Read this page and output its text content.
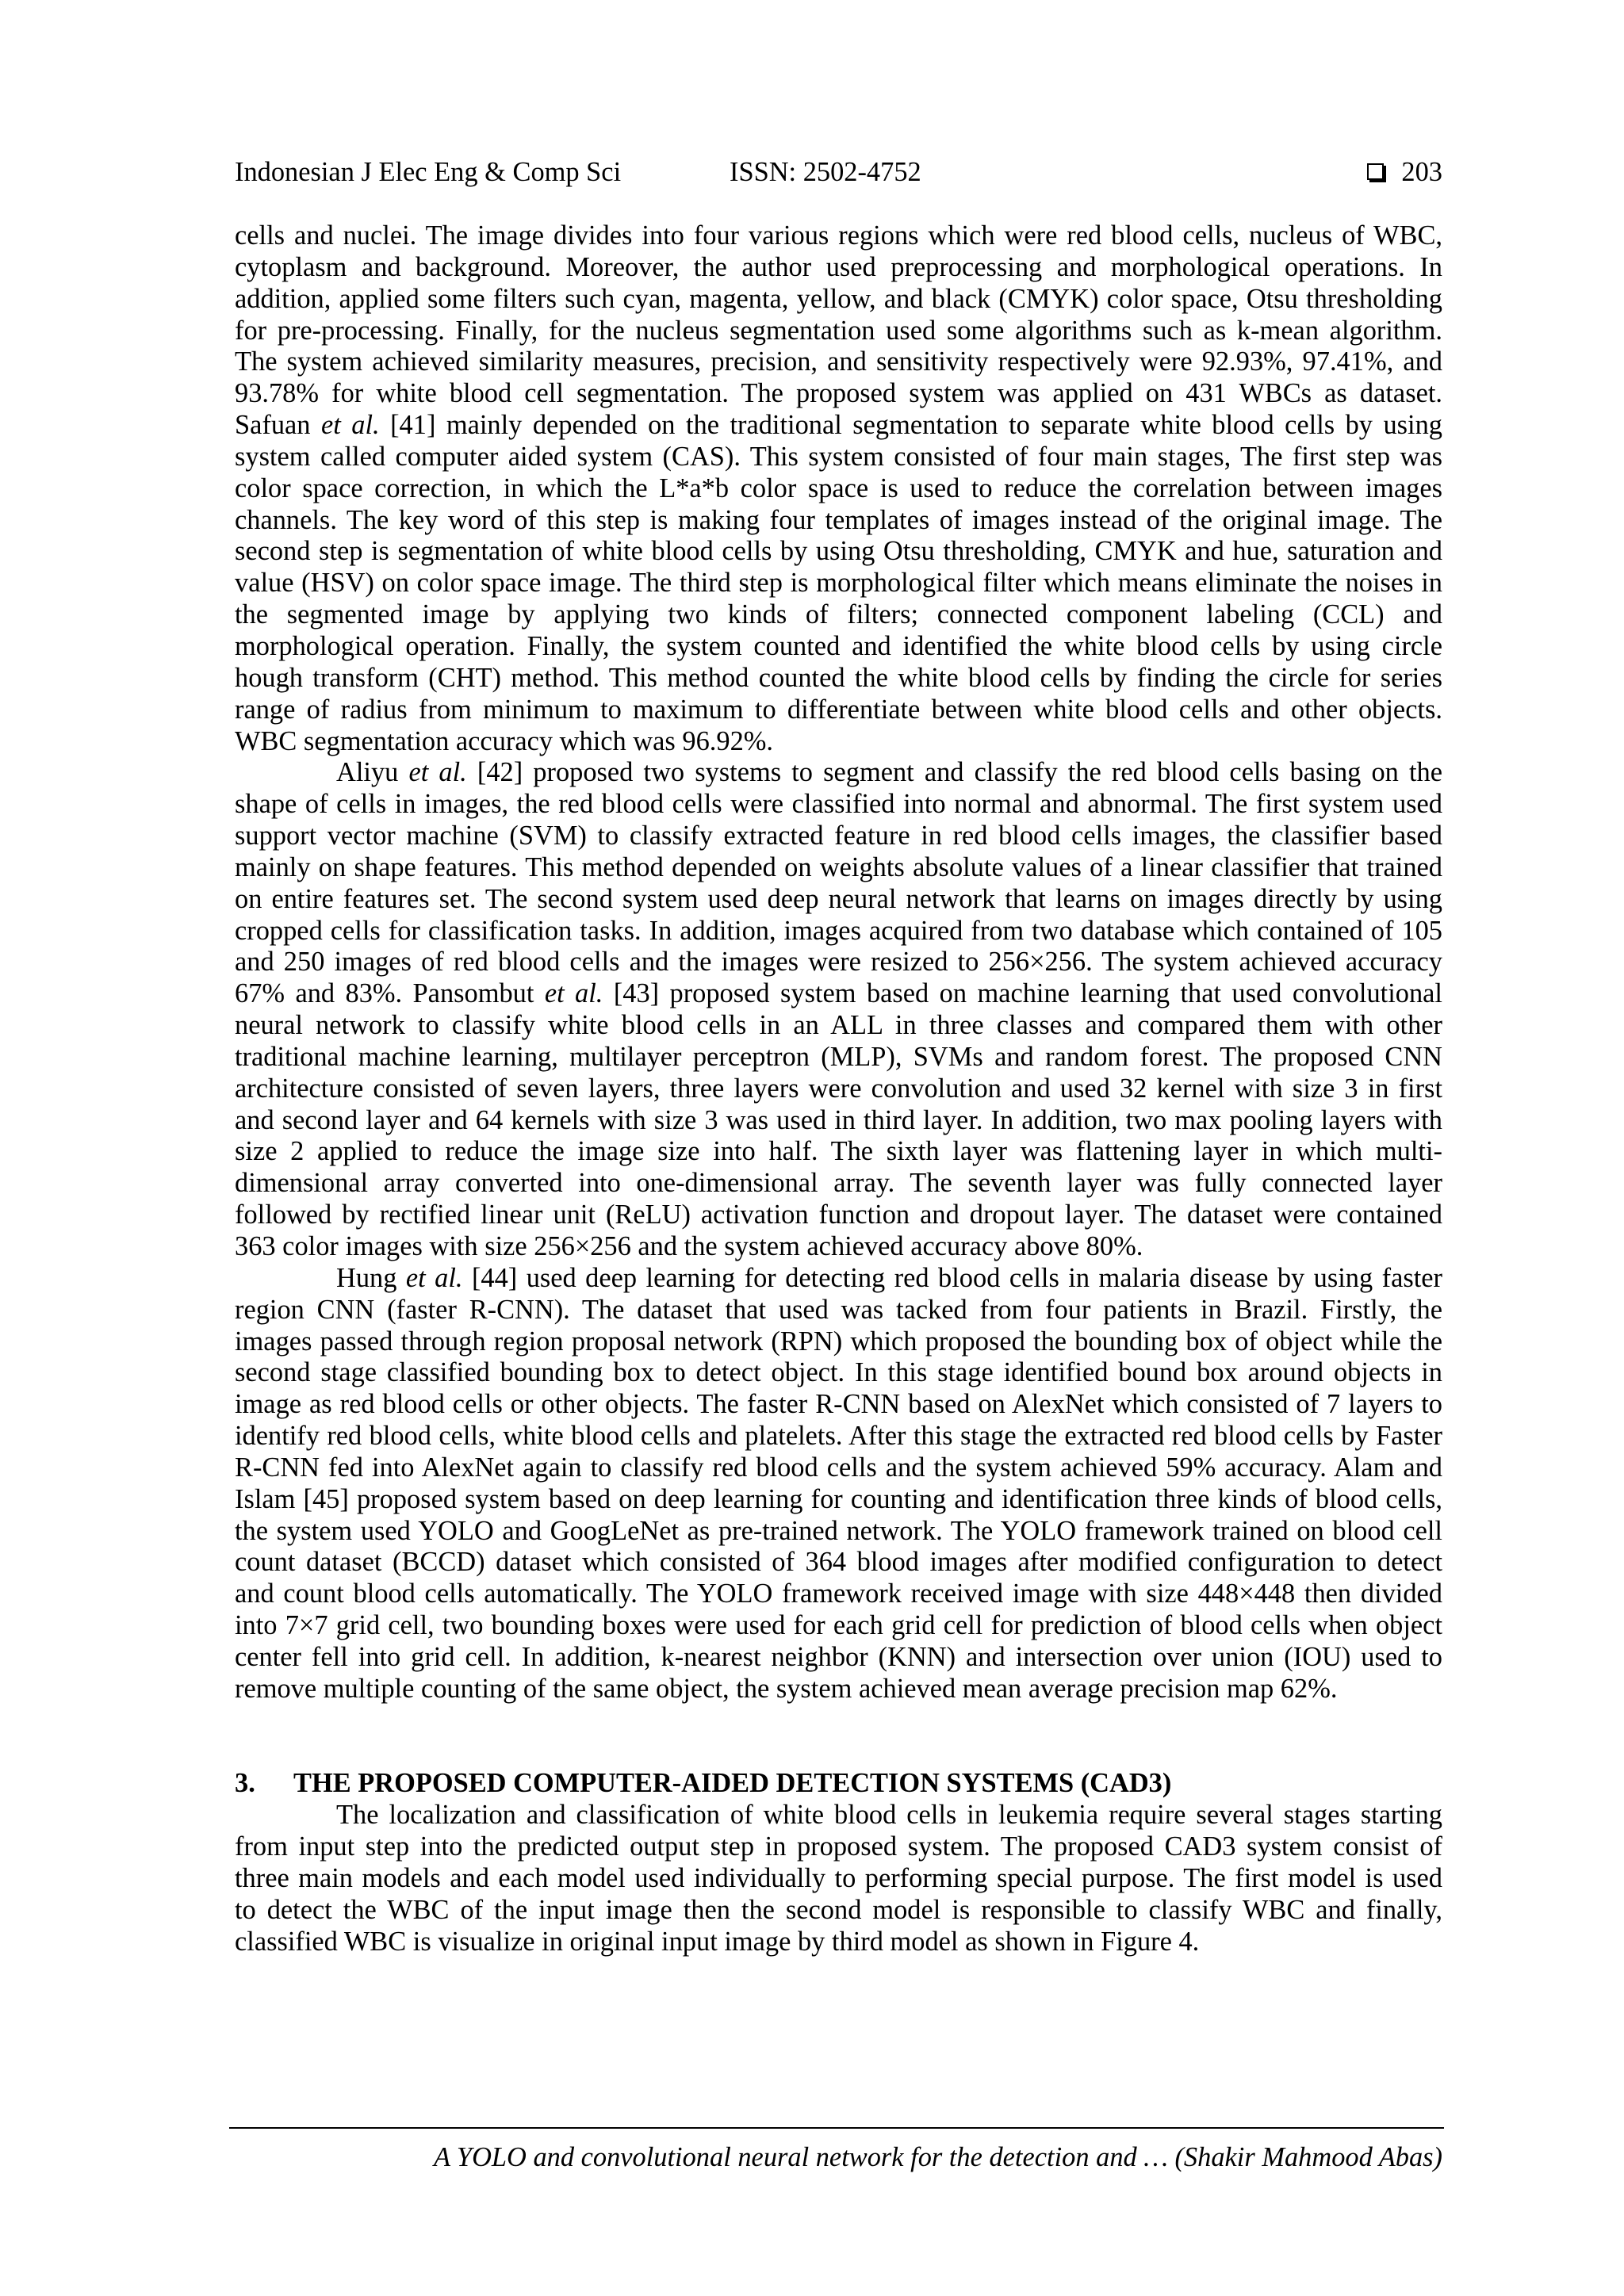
Indonesian J Elec Eng & Comp Sci	ISSN: 2502-4752	203
cells and nuclei. The image divides into four various regions which were red blood cells, nucleus of WBC,
cytoplasm and background. Moreover, the author used preprocessing and morphological operations. In
addition, applied some filters such cyan, magenta, yellow, and black (CMYK) color space, Otsu thresholding
for pre-processing. Finally, for the nucleus segmentation used some algorithms such as k-mean algorithm.
The system achieved similarity measures, precision, and sensitivity respectively were 92.93%, 97.41%, and
93.78% for white blood cell segmentation. The proposed system was applied on 431 WBCs as dataset.
Safuan et al. [41] mainly depended on the traditional segmentation to separate white blood cells by using
system called computer aided system (CAS). This system consisted of four main stages, The first step was
color space correction, in which the L*a*b color space is used to reduce the correlation between images
channels. The key word of this step is making four templates of images instead of the original image. The
second step is segmentation of white blood cells by using Otsu thresholding, CMYK and hue, saturation and
value (HSV) on color space image. The third step is morphological filter which means eliminate the noises in
the segmented image by applying two kinds of filters; connected component labeling (CCL) and
morphological operation. Finally, the system counted and identified the white blood cells by using circle
hough transform (CHT) method. This method counted the white blood cells by finding the circle for series
range of radius from minimum to maximum to differentiate between white blood cells and other objects.
WBC segmentation accuracy which was 96.92%.
Aliyu et al. [42] proposed two systems to segment and classify the red blood cells basing on the
shape of cells in images, the red blood cells were classified into normal and abnormal. The first system used
support vector machine (SVM) to classify extracted feature in red blood cells images, the classifier based
mainly on shape features. This method depended on weights absolute values of a linear classifier that trained
on entire features set. The second system used deep neural network that learns on images directly by using
cropped cells for classification tasks. In addition, images acquired from two database which contained of 105
and 250 images of red blood cells and the images were resized to 256×256. The system achieved accuracy
67% and 83%. Pansombut et al. [43] proposed system based on machine learning that used convolutional
neural network to classify white blood cells in an ALL in three classes and compared them with other
traditional machine learning, multilayer perceptron (MLP), SVMs and random forest. The proposed CNN
architecture consisted of seven layers, three layers were convolution and used 32 kernel with size 3 in first
and second layer and 64 kernels with size 3 was used in third layer. In addition, two max pooling layers with
size 2 applied to reduce the image size into half. The sixth layer was flattening layer in which multi-
dimensional array converted into one-dimensional array. The seventh layer was fully connected layer
followed by rectified linear unit (ReLU) activation function and dropout layer. The dataset were contained
363 color images with size 256×256 and the system achieved accuracy above 80%.
Hung et al. [44] used deep learning for detecting red blood cells in malaria disease by using faster
region CNN (faster R-CNN). The dataset that used was tacked from four patients in Brazil. Firstly, the
images passed through region proposal network (RPN) which proposed the bounding box of object while the
second stage classified bounding box to detect object. In this stage identified bound box around objects in
image as red blood cells or other objects. The faster R-CNN based on AlexNet which consisted of 7 layers to
identify red blood cells, white blood cells and platelets. After this stage the extracted red blood cells by Faster
R-CNN fed into AlexNet again to classify red blood cells and the system achieved 59% accuracy. Alam and
Islam [45] proposed system based on deep learning for counting and identification three kinds of blood cells,
the system used YOLO and GoogLeNet as pre-trained network. The YOLO framework trained on blood cell
count dataset (BCCD) dataset which consisted of 364 blood images after modified configuration to detect
and count blood cells automatically. The YOLO framework received image with size 448×448 then divided
into 7×7 grid cell, two bounding boxes were used for each grid cell for prediction of blood cells when object
center fell into grid cell. In addition, k-nearest neighbor (KNN) and intersection over union (IOU) used to
remove multiple counting of the same object, the system achieved mean average precision map 62%.
3. THE PROPOSED COMPUTER-AIDED DETECTION SYSTEMS (CAD3)
The localization and classification of white blood cells in leukemia require several stages starting
from input step into the predicted output step in proposed system. The proposed CAD3 system consist of
three main models and each model used individually to performing special purpose. The first model is used
to detect the WBC of the input image then the second model is responsible to classify WBC and finally,
classified WBC is visualize in original input image by third model as shown in Figure 4.
A YOLO and convolutional neural network for the detection and … (Shakir Mahmood Abas)
